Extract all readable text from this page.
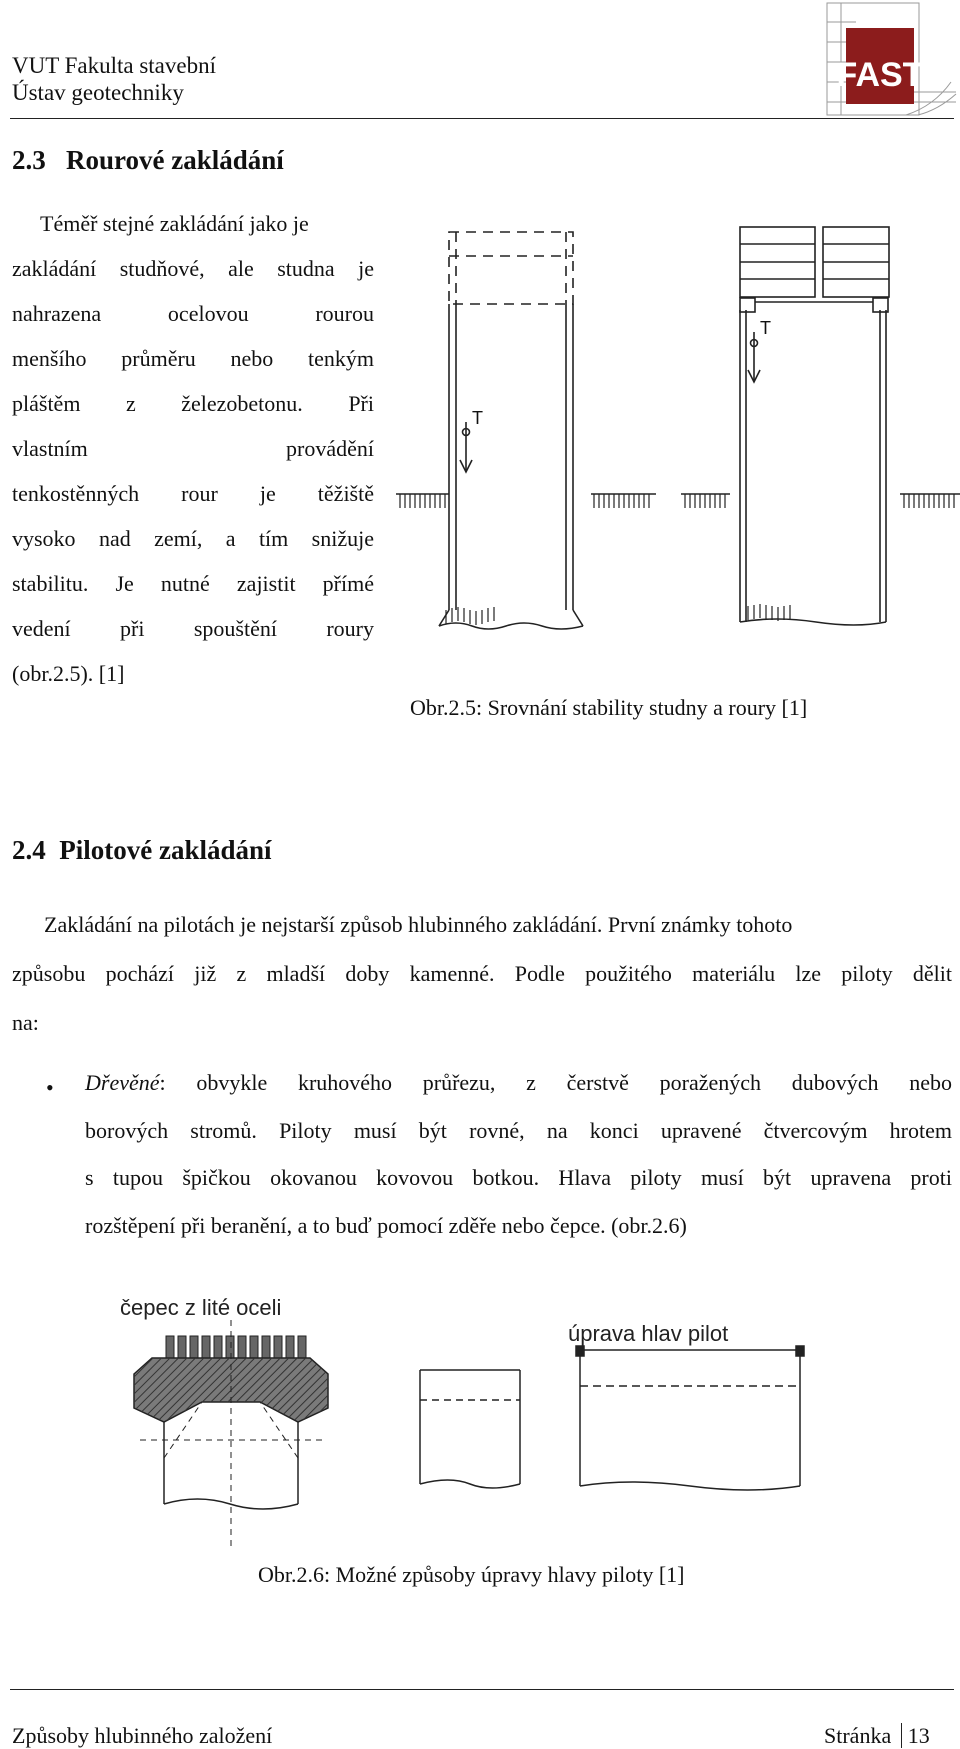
VUT Fakulta stavební
Ústav geotechniky	FAST
2.3 Rourové zakládání
Téměř stejné zakládání jako je
zakládání studňové, ale studna je
nahrazena ocelovou rourou
menšího průměru nebo tenkým
pláštěm z železobetonu. Při
vlastním provádění
tenkostěnných rour je těžiště
vysoko nad zemí, a tím snižuje
stabilitu. Je nutné zajistit přímé
vedení při spouštění roury
(obr.2.5). [1]
T
T
Obr.2.5: Srovnání stability studny a roury [1]
2.4 Pilotové zakládání
Zakládání na pilotách je nejstarší způsob hlubinného zakládání. První známky tohoto
způsobu pochází již z mladší doby kamenné. Podle použitého materiálu lze piloty dělit
na:
• Dřevěné: obvykle kruhového průřezu, z čerstvě poražených dubových nebo
borových stromů. Piloty musí být rovné, na konci upravené čtvercovým hrotem
s tupou špičkou okovanou kovovou botkou. Hlava piloty musí být upravena proti
rozštěpení při beranění, a to buď pomocí zděře nebo čepce. (obr.2.6)
čepec z lité oceli
úprava hlav pilot
Obr.2.6: Možné způsoby úpravy hlavy piloty [1]
Způsoby hlubinného založení	Stránka 13
